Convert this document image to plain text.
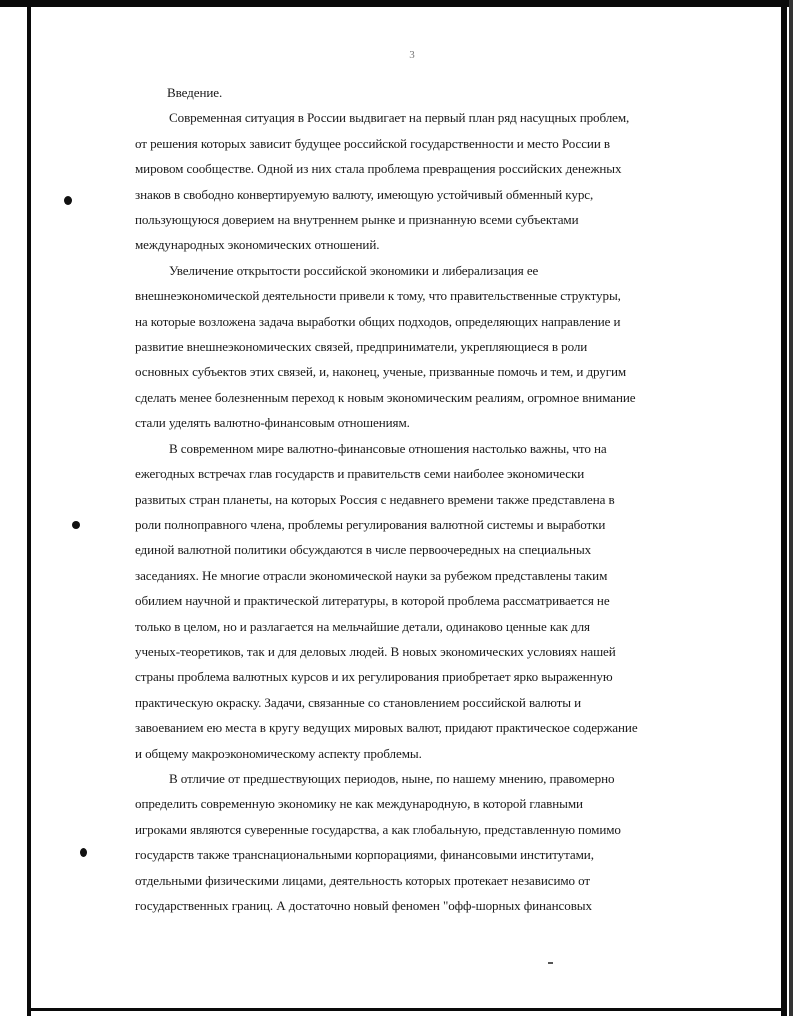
3

Введение.

Современная ситуация в России выдвигает на первый план ряд насущных проблем,
от решения которых зависит будущее российской государственности и место России в
мировом сообществе. Одной из них стала проблема превращения российских денежных
знаков в свободно конвертируемую валюту, имеющую устойчивый обменный курс,
пользующуюся доверием на внутреннем рынке и признанную всеми субъектами
международных экономических отношений.
Увеличение открытости российской экономики и либерализация ее
внешнеэкономической деятельности привели к тому, что правительственные структуры,
на которые возложена задача выработки общих подходов, определяющих направление и
развитие внешнеэкономических связей, предприниматели, укрепляющиеся в роли
основных субъектов этих связей, и, наконец, ученые, призванные помочь и тем, и другим
сделать менее болезненным переход к новым экономическим реалиям, огромное внимание
стали уделять валютно-финансовым отношениям.
В современном мире валютно-финансовые отношения настолько важны, что на
ежегодных встречах глав государств и правительств семи наиболее экономически
развитых стран планеты, на которых Россия с недавнего времени также представлена в
роли полноправного члена, проблемы регулирования валютной системы и выработки
единой валютной политики обсуждаются в числе первоочередных на специальных
заседаниях. Не многие отрасли экономической науки за рубежом представлены таким
обилием научной и практической литературы, в которой проблема рассматривается не
только в целом, но и разлагается на мельчайшие детали, одинаково ценные как для
ученых-теоретиков, так и для деловых людей. В новых экономических условиях нашей
страны проблема валютных курсов и их регулирования приобретает ярко выраженную
практическую окраску. Задачи, связанные со становлением российской валюты и
завоеванием ею места в кругу ведущих мировых валют, придают практическое содержание
и общему макроэкономическому аспекту проблемы.
В отличие от предшествующих периодов, ныне, по нашему мнению, правомерно
определить современную экономику не как международную, в которой главными
игроками являются суверенные государства, а как глобальную, представленную помимо
государств также транснациональными корпорациями, финансовыми институтами,
отдельными физическими лицами, деятельность которых протекает независимо от
государственных границ. А достаточно новый феномен "офф-шорных финансовых
